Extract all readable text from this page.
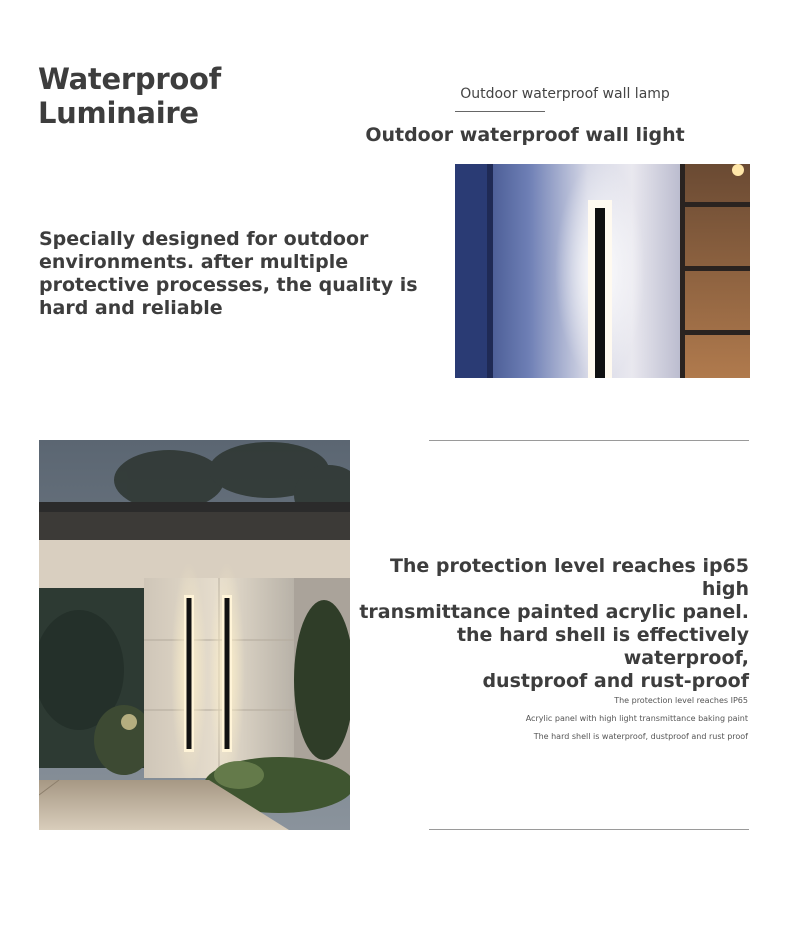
Waterproof
Luminaire
Outdoor waterproof wall lamp
Outdoor waterproof wall light
Specially designed for outdoor environments. after multiple protective processes, the quality is hard and reliable
The protection level reaches ip65 high
transmittance painted acrylic panel.
the hard shell is effectively waterproof,
dustproof and rust-proof
The protection level reaches IP65
Acrylic panel with high light transmittance baking paint
The hard shell is waterproof, dustproof and rust proof
